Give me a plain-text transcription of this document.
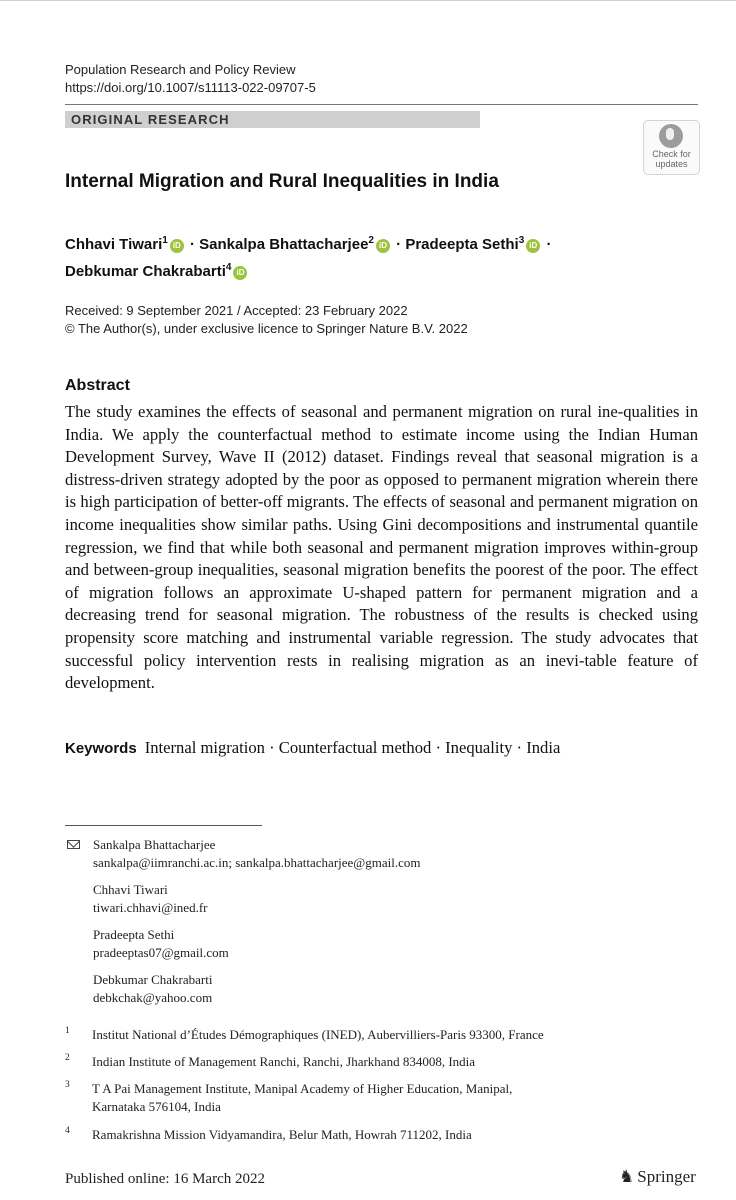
Population Research and Policy Review
https://doi.org/10.1007/s11113-022-09707-5
ORIGINAL RESEARCH
Check for
updates
Internal Migration and Rural Inequalities in India
Chhavi Tiwari$^1$ iD · Sankalpa Bhattacharjee$^2$ iD · Pradeepta Sethi$^3$ iD ·
Debkumar Chakrabarti$^4$ iD
Received: 9 September 2021 / Accepted: 23 February 2022
© The Author(s), under exclusive licence to Springer Nature B.V. 2022
Abstract
The study examines the effects of seasonal and permanent migration on rural ine-qualities in India. We apply the counterfactual method to estimate income using the Indian Human Development Survey, Wave II (2012) dataset. Findings reveal that seasonal migration is a distress-driven strategy adopted by the poor as opposed to permanent migration wherein there is high participation of better-off migrants. The effects of seasonal and permanent migration on income inequalities show similar paths. Using Gini decompositions and instrumental quantile regression, we find that while both seasonal and permanent migration improves within-group and between-group inequalities, seasonal migration benefits the poorest of the poor. The effect of migration follows an approximate U-shaped pattern for permanent migration and a decreasing trend for seasonal migration. The robustness of the results is checked using propensity score matching and instrumental variable regression. The study advocates that successful policy intervention rests in realising migration as an inevi-table feature of development.
Keywords Internal migration · Counterfactual method · Inequality · India
Sankalpa Bhattacharjee
sankalpa@iimranchi.ac.in; sankalpa.bhattacharjee@gmail.com
Chhavi Tiwari
tiwari.chhavi@ined.fr
Pradeepta Sethi
pradeeptas07@gmail.com
Debkumar Chakrabarti
debkchak@yahoo.com
1 Institut National d’Études Démographiques (INED), Aubervilliers-Paris 93300, France
2 Indian Institute of Management Ranchi, Ranchi, Jharkhand 834008, India
3 T A Pai Management Institute, Manipal Academy of Higher Education, Manipal,
Karnataka 576104, India
4 Ramakrishna Mission Vidyamandira, Belur Math, Howrah 711202, India
Published online: 16 March 2022	♞ Springer
